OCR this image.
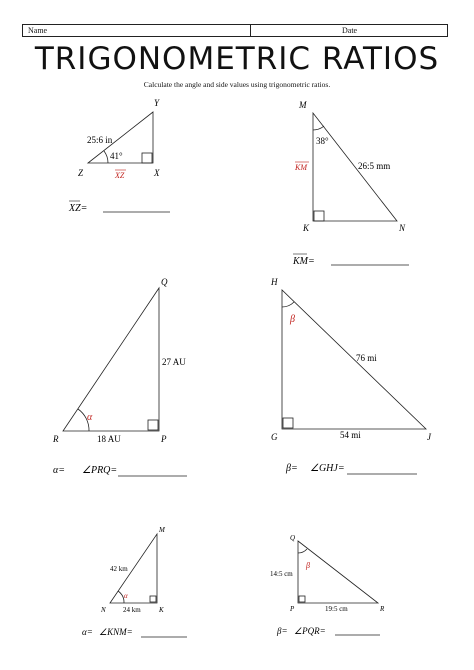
Name	Date
TRIGONOMETRIC RATIOS
Calculate the angle and side values using trigonometric ratios.
Y
Z	X
25:6 in
41°
XZ
XZ=
M
K	N
26:5 mm
38°
KM
KM=
Q
R	P
27 AU
18 AU
α
α= ∠PRQ=
H
G	J
76 mi
54 mi
β
β= ∠GHJ=
M
N	K
42 km
24 km
α
α= ∠KNM=
Q
P	R
14:5 cm
19:5 cm
β
β= ∠PQR=
